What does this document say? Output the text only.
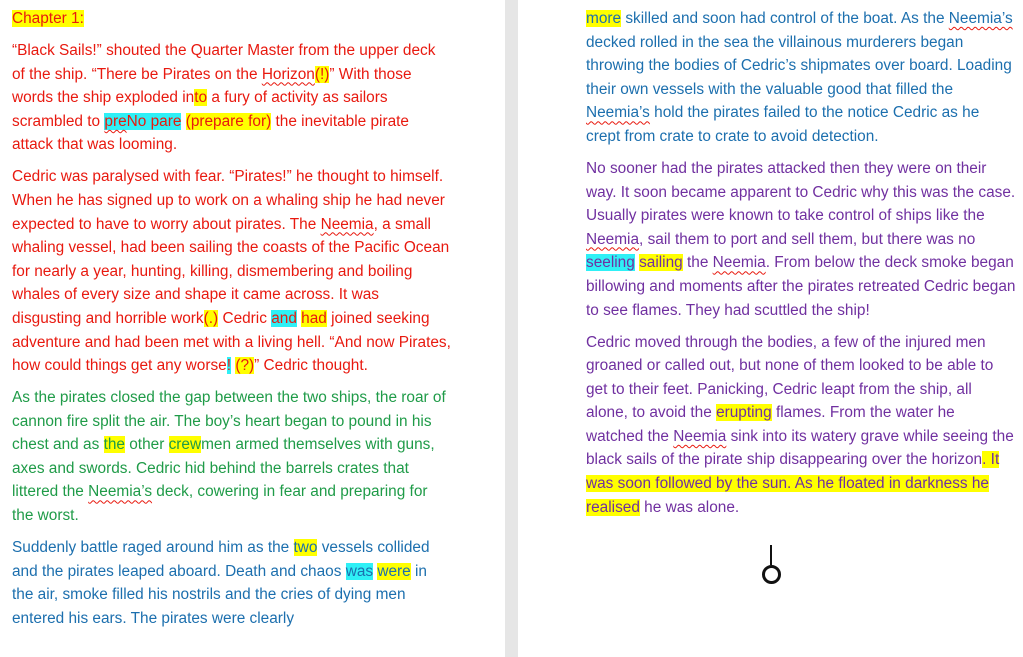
Chapter 1:

“Black Sails!” shouted the Quarter Master from the upper deck of the ship. “There be Pirates on the Horizon(!)” With those words the ship exploded into a fury of activity as sailors scrambled to preNo pare (prepare for) the inevitable pirate attack that was looming.

Cedric was paralysed with fear. “Pirates!” he thought to himself. When he has signed up to work on a whaling ship he had never expected to have to worry about pirates. The Neemia, a small whaling vessel, had been sailing the coasts of the Pacific Ocean for nearly a year, hunting, killing, dismembering and boiling whales of every size and shape it came across. It was disgusting and horrible work(.) Cedric and had joined seeking adventure and had been met with a living hell. “And now Pirates, how could things get any worse! (?)” Cedric thought.

As the pirates closed the gap between the two ships, the roar of cannon fire split the air. The boy’s heart began to pound in his chest and as the other crewmen armed themselves with guns, axes and swords. Cedric hid behind the barrels crates that littered the Neemia’s deck, cowering in fear and preparing for the worst.

Suddenly battle raged around him as the two vessels collided and the pirates leaped aboard. Death and chaos was were in the air, smoke filled his nostrils and the cries of dying men entered his ears. The pirates were clearly

more skilled and soon had control of the boat. As the Neemia’s decked rolled in the sea the villainous murderers began throwing the bodies of Cedric’s shipmates over board. Loading their own vessels with the valuable good that filled the Neemia’s hold the pirates failed to the notice Cedric as he crept from crate to crate to avoid detection.

No sooner had the pirates attacked then they were on their way. It soon became apparent to Cedric why this was the case. Usually pirates were known to take control of ships like the Neemia, sail them to port and sell them, but there was no seeling sailing the Neemia. From below the deck smoke began billowing and moments after the pirates retreated Cedric began to see flames. They had scuttled the ship!

Cedric moved through the bodies, a few of the injured men groaned or called out, but none of them looked to be able to get to their feet. Panicking, Cedric leapt from the ship, all alone, to avoid the erupting flames. From the water he watched the Neemia sink into its watery grave while seeing the black sails of the pirate ship disappearing over the horizon. It was soon followed by the sun. As he floated in darkness he realised he was alone.
